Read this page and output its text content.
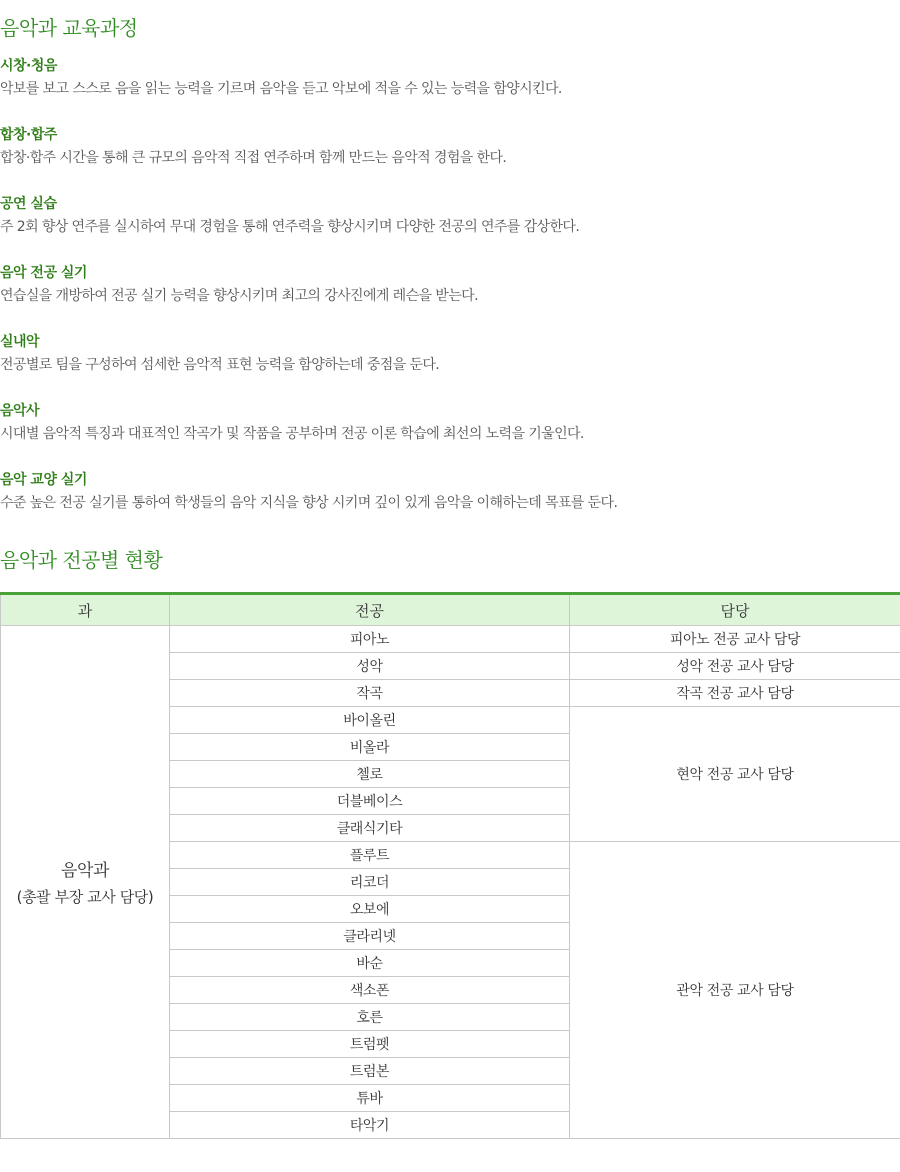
음악과 교육과정
시창·청음
악보를 보고 스스로 음을 읽는 능력을 기르며 음악을 듣고 악보에 적을 수 있는 능력을 함양시킨다.
합창·합주
합창·합주 시간을 통해 큰 규모의 음악적 직접 연주하며 함께 만드는 음악적 경험을 한다.
공연 실습
주 2회 향상 연주를 실시하여 무대 경험을 통해 연주력을 향상시키며 다양한 전공의 연주를 감상한다.
음악 전공 실기
연습실을 개방하여 전공 실기 능력을 향상시키며 최고의 강사진에게 레슨을 받는다.
실내악
전공별로 팀을 구성하여 섬세한 음악적 표현 능력을 함양하는데 중점을 둔다.
음악사
시대별 음악적 특징과 대표적인 작곡가 및 작품을 공부하며 전공 이론 학습에 최선의 노력을 기울인다.
음악 교양 실기
수준 높은 전공 실기를 통하여 학생들의 음악 지식을 향상 시키며 깊이 있게 음악을 이해하는데 목표를 둔다.
음악과 전공별 현황
과	전공	담당

음악과
(총괄 부장 교사 담당)	피아노	피아노 전공 교사 담당
	성악	성악 전공 교사 담당
	작곡	작곡 전공 교사 담당
	바이올린	현악 전공 교사 담당
	비올라	
	첼로	
	더블베이스	
	클래식기타	
	플루트	관악 전공 교사 담당
	리코더	
	오보에	
	클라리넷	
	바순	
	색소폰	
	호른	
	트럼펫	
	트럼본	
	튜바	
	타악기	
